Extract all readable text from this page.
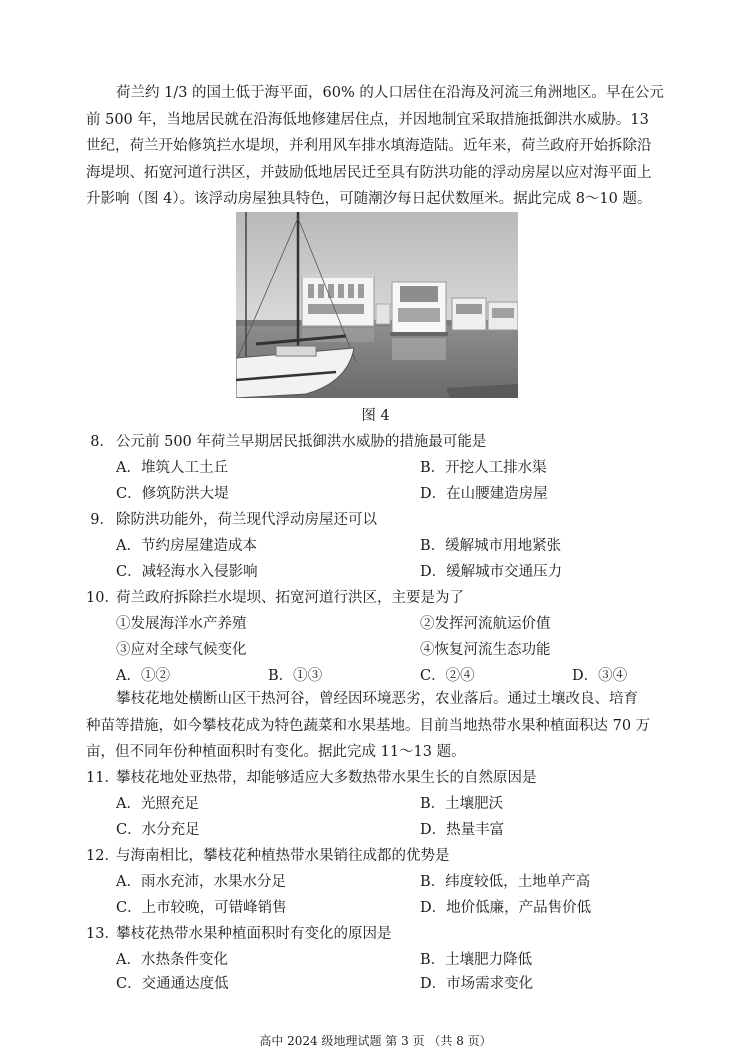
荷兰约 1/3 的国土低于海平面，60% 的人口居住在沿海及河流三角洲地区。早在公元
前 500 年，当地居民就在沿海低地修建居住点，并因地制宜采取措施抵御洪水威胁。13
世纪，荷兰开始修筑拦水堤坝，并利用风车排水填海造陆。近年来，荷兰政府开始拆除沿
海堤坝、拓宽河道行洪区，并鼓励低地居民迁至具有防洪功能的浮动房屋以应对海平面上
升影响（图 4）。该浮动房屋独具特色，可随潮汐每日起伏数厘米。据此完成 8～10 题。
图 4
8． 公元前 500 年荷兰早期居民抵御洪水威胁的措施最可能是
A．堆筑人工土丘	B．开挖人工排水渠
C．修筑防洪大堤	D．在山腰建造房屋
9． 除防洪功能外，荷兰现代浮动房屋还可以
A．节约房屋建造成本	B．缓解城市用地紧张
C．减轻海水入侵影响	D．缓解城市交通压力
10．荷兰政府拆除拦水堤坝、拓宽河道行洪区，主要是为了
①发展海洋水产养殖	②发挥河流航运价值
③应对全球气候变化	④恢复河流生态功能
A．①②	B．①③	C．②④	D．③④
攀枝花地处横断山区干热河谷，曾经因环境恶劣，农业落后。通过土壤改良、培育
种苗等措施，如今攀枝花成为特色蔬菜和水果基地。目前当地热带水果种植面积达 70 万
亩，但不同年份种植面积时有变化。据此完成 11～13 题。
11．攀枝花地处亚热带，却能够适应大多数热带水果生长的自然原因是
A．光照充足	B．土壤肥沃
C．水分充足	D．热量丰富
12．与海南相比，攀枝花种植热带水果销往成都的优势是
A．雨水充沛，水果水分足	B．纬度较低，土地单产高
C．上市较晚，可错峰销售	D．地价低廉，产品售价低
13．攀枝花热带水果种植面积时有变化的原因是
A．水热条件变化	B．土壤肥力降低
C．交通通达度低	D．市场需求变化
高中 2024 级地理试题 第 3 页 （共 8 页）
